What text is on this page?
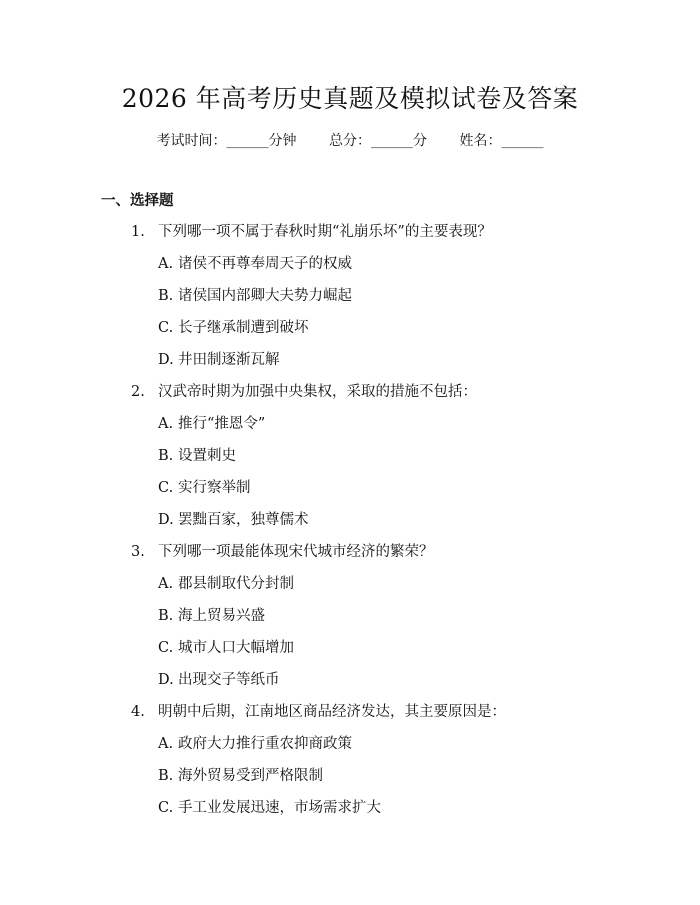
2026 年高考历史真题及模拟试卷及答案
考试时间：______分钟 总分：______分 姓名：______
一、选择题
1. 下列哪一项不属于春秋时期“礼崩乐坏”的主要表现？
A. 诸侯不再尊奉周天子的权威
B. 诸侯国内部卿大夫势力崛起
C. 长子继承制遭到破坏
D. 井田制逐渐瓦解
2. 汉武帝时期为加强中央集权，采取的措施不包括：
A. 推行“推恩令”
B. 设置刺史
C. 实行察举制
D. 罢黜百家，独尊儒术
3. 下列哪一项最能体现宋代城市经济的繁荣？
A. 郡县制取代分封制
B. 海上贸易兴盛
C. 城市人口大幅增加
D. 出现交子等纸币
4. 明朝中后期，江南地区商品经济发达，其主要原因是：
A. 政府大力推行重农抑商政策
B. 海外贸易受到严格限制
C. 手工业发展迅速，市场需求扩大
